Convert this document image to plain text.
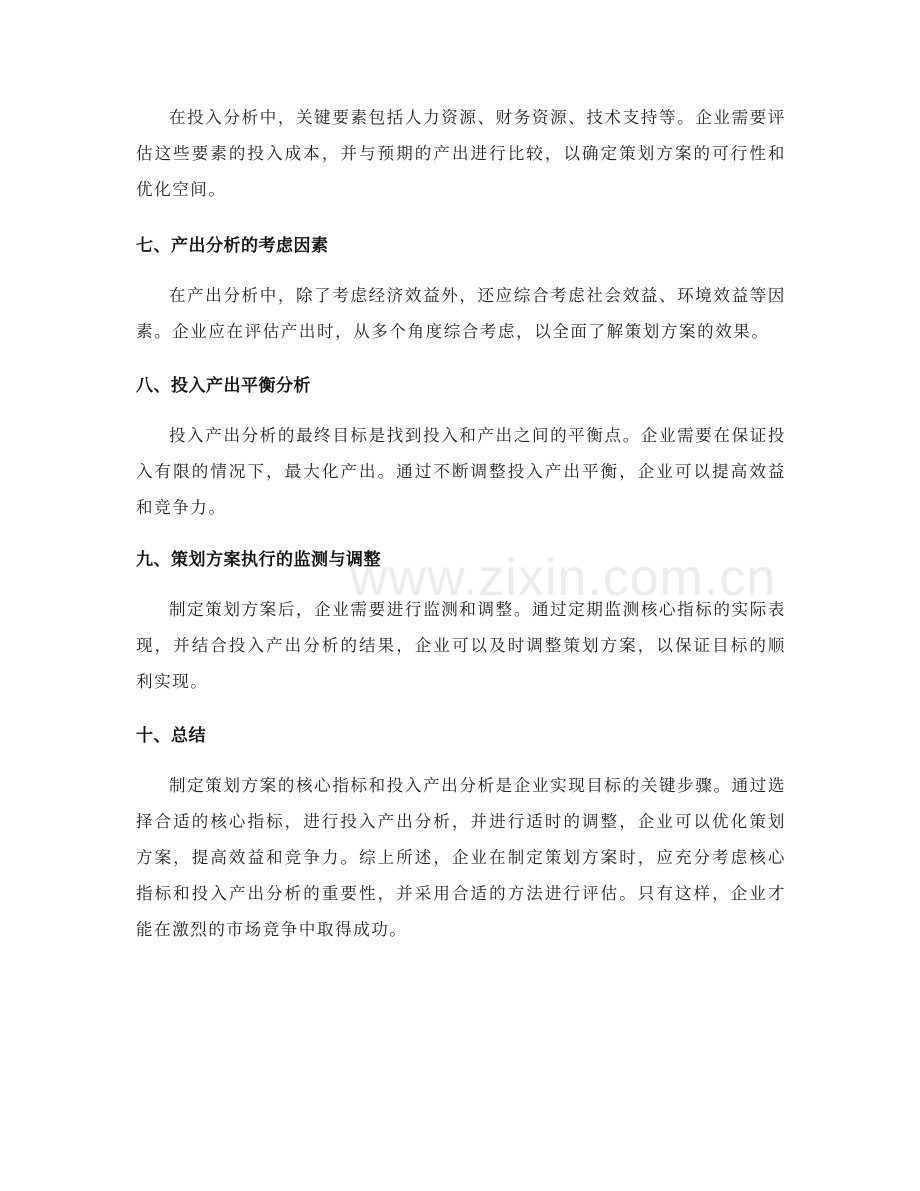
在投入分析中，关键要素包括人力资源、财务资源、技术支持等。企业需要评估这些要素的投入成本，并与预期的产出进行比较，以确定策划方案的可行性和优化空间。

七、产出分析的考虑因素

在产出分析中，除了考虑经济效益外，还应综合考虑社会效益、环境效益等因素。企业应在评估产出时，从多个角度综合考虑，以全面了解策划方案的效果。

八、投入产出平衡分析

投入产出分析的最终目标是找到投入和产出之间的平衡点。企业需要在保证投入有限的情况下，最大化产出。通过不断调整投入产出平衡，企业可以提高效益和竞争力。

九、策划方案执行的监测与调整

制定策划方案后，企业需要进行监测和调整。通过定期监测核心指标的实际表现，并结合投入产出分析的结果，企业可以及时调整策划方案，以保证目标的顺利实现。

十、总结

制定策划方案的核心指标和投入产出分析是企业实现目标的关键步骤。通过选择合适的核心指标，进行投入产出分析，并进行适时的调整，企业可以优化策划方案，提高效益和竞争力。综上所述，企业在制定策划方案时，应充分考虑核心指标和投入产出分析的重要性，并采用合适的方法进行评估。只有这样，企业才能在激烈的市场竞争中取得成功。

www.zixin.com.cn
